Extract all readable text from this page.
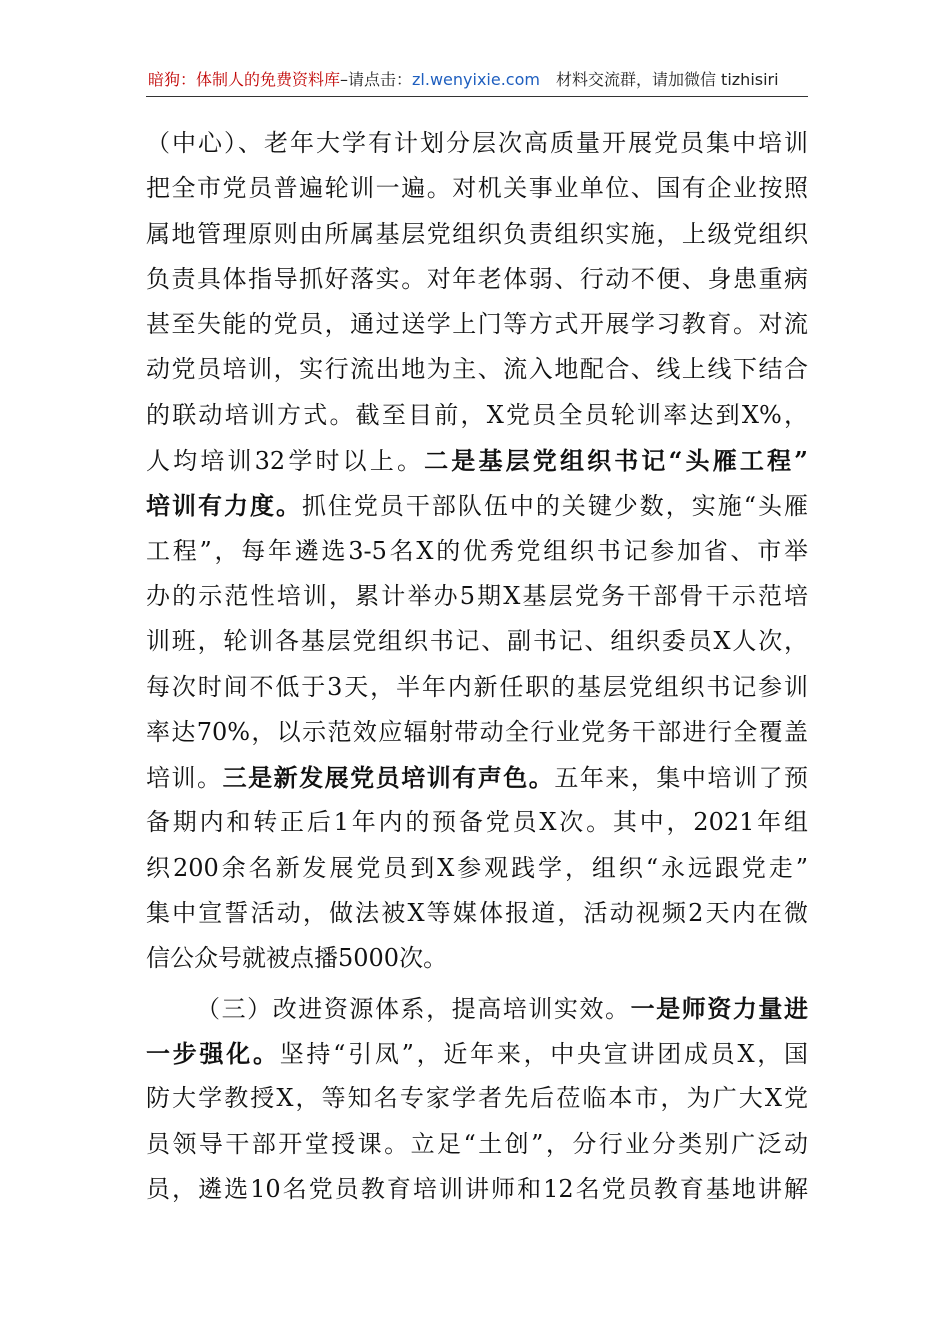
暗狗：体制人的免费资料库–请点击：zl.wenyixie.com 材料交流群，请加微信 tizhisiri
（中心）、老年大学有计划分层次高质量开展党员集中培训
把全市党员普遍轮训一遍。对机关事业单位、国有企业按照
属地管理原则由所属基层党组织负责组织实施，上级党组织
负责具体指导抓好落实。对年老体弱、行动不便、身患重病
甚至失能的党员，通过送学上门等方式开展学习教育。对流
动党员培训，实行流出地为主、流入地配合、线上线下结合
的联动培训方式。截至目前，X党员全员轮训率达到X%，
人均培训32学时以上。二是基层党组织书记“头雁工程”
培训有力度。抓住党员干部队伍中的关键少数，实施“头雁
工程”，每年遴选3-5名X的优秀党组织书记参加省、市举
办的示范性培训，累计举办5期X基层党务干部骨干示范培
训班，轮训各基层党组织书记、副书记、组织委员X人次，
每次时间不低于3天，半年内新任职的基层党组织书记参训
率达70%，以示范效应辐射带动全行业党务干部进行全覆盖
培训。三是新发展党员培训有声色。五年来，集中培训了预
备期内和转正后1年内的预备党员X次。其中，2021年组
织200余名新发展党员到X参观践学，组织“永远跟党走”
集中宣誓活动，做法被X等媒体报道，活动视频2天内在微
信公众号就被点播5000次。
（三）改进资源体系，提高培训实效。一是师资力量进
一步强化。坚持“引凤”，近年来，中央宣讲团成员X，国
防大学教授X，等知名专家学者先后莅临本市，为广大X党
员领导干部开堂授课。立足“土创”，分行业分类别广泛动
员，遴选10名党员教育培训讲师和12名党员教育基地讲解
